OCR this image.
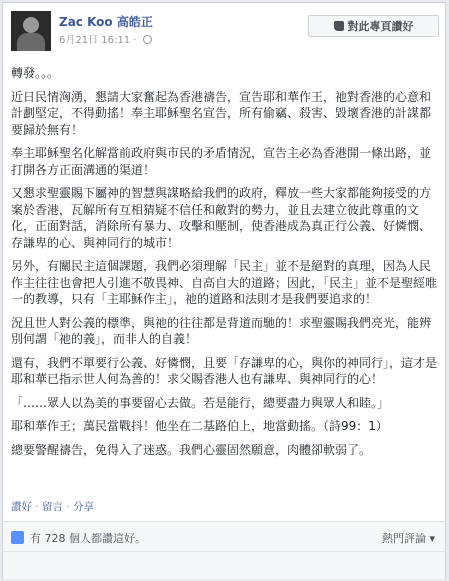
Zac Koo 高皓正
6月21日 16:11 ·
對此專頁讚好

轉發。。。

近日民情洶湧，懇請大家奮起為香港禱告，宣告耶和華作王，祂對香港的心意和計劃堅定，不得動搖！奉主耶穌聖名宣告，所有偷竊、殺害、毀壞香港的計謀都要歸於無有！

奉主耶穌聖名化解當前政府與市民的矛盾情況，宣告主必為香港開一條出路，並打開各方正面溝通的渠道！

又懇求聖靈賜下屬神的智慧與謀略給我們的政府，釋放一些大家都能夠接受的方案於香港，瓦解所有互相猜疑不信任和敵對的勢力，並且去建立彼此尊重的文化，正面對話，消除所有暴力、攻擊和壓制，使香港成為真正行公義、好憐憫、存謙卑的心、與神同行的城市！

另外，有關民主這個課題，我們必須理解「民主」並不是絕對的真理，因為人民作主往往也會把人引進不敬畏神、自高自大的道路；因此，「民主」並不是聖經唯一的教導，只有「主耶穌作主」，祂的道路和法則才是我們要追求的！

況且世人對公義的標準，與祂的往往都是背道而馳的！求聖靈賜我們亮光，能辨別何謂「祂的義」，而非人的自義！

還有，我們不單要行公義、好憐憫，且要「存謙卑的心，與你的神同行」，這才是耶和華已指示世人何為善的！求父賜香港人也有謙卑、與神同行的心！

「……眾人以為美的事要留心去做。若是能行，總要盡力與眾人和睦。」

耶和華作王；萬民當戰抖！他坐在二基路伯上，地當動搖。（詩99：1）

總要警醒禱告，免得入了迷惑。我們心靈固然願意，肉體卻軟弱了。

讚好 · 留言 · 分享
有 728 個人都讚這好。	熱門評論 ▾
